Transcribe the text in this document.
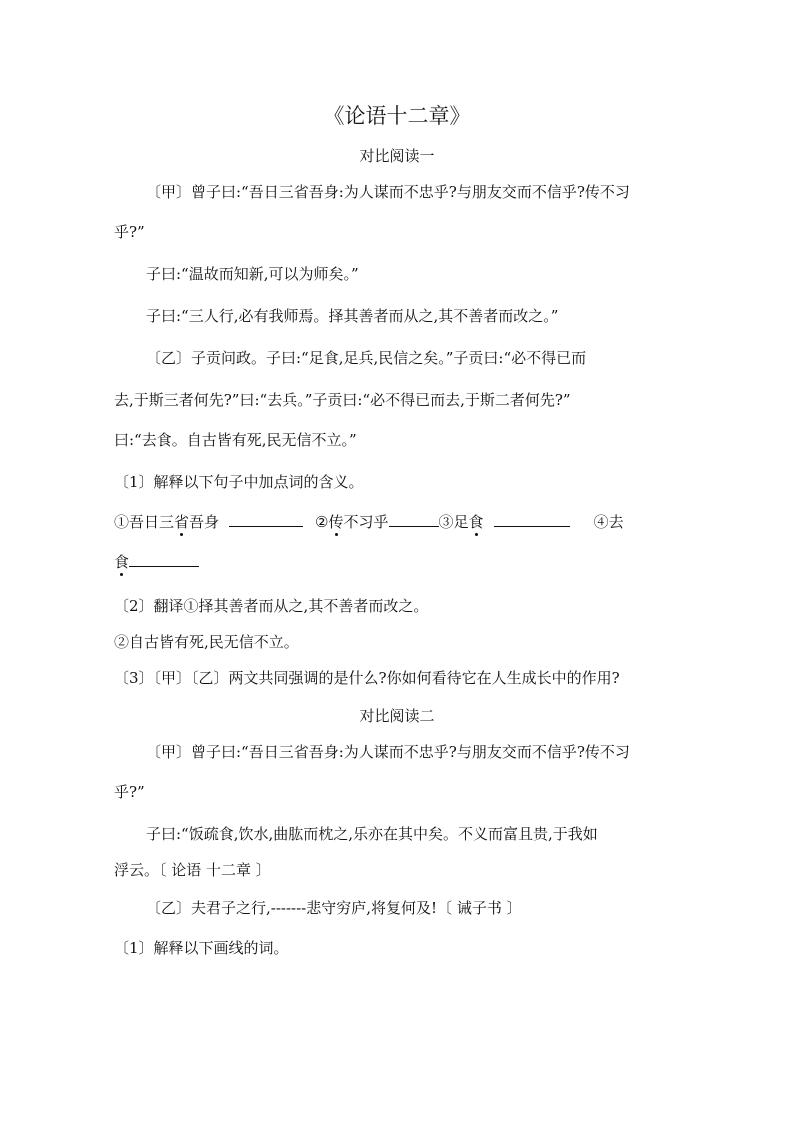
《论语十二章》
对比阅读一
〔甲〕曾子曰:“吾日三省吾身:为人谋而不忠乎?与朋友交而不信乎?传不习
乎?”
子曰:“温故而知新,可以为师矣。”
子曰:“三人行,必有我师焉。择其善者而从之,其不善者而改之。”
〔乙〕子贡问政。子曰:“足食,足兵,民信之矣。”子贡曰:“必不得已而
去,于斯三者何先?”曰:“去兵。”子贡曰:“必不得已而去,于斯二者何先?”
曰:“去食。自古皆有死,民无信不立。”
〔1〕解释以下句子中加点词的含义。
①吾日三省吾身	②传不习乎	③足食	④去
食
〔2〕翻译①择其善者而从之,其不善者而改之。
②自古皆有死,民无信不立。
〔3〕〔甲〕〔乙〕两文共同强调的是什么?你如何看待它在人生成长中的作用?
对比阅读二
〔甲〕曾子曰:“吾日三省吾身:为人谋而不忠乎?与朋友交而不信乎?传不习
乎?”
子曰:“饭疏食,饮水,曲肱而枕之,乐亦在其中矣。不义而富且贵,于我如
浮云。〔 论语 十二章 〕
〔乙〕夫君子之行,-------悲守穷庐,将复何及!〔 诫子书 〕
〔1〕解释以下画线的词。
